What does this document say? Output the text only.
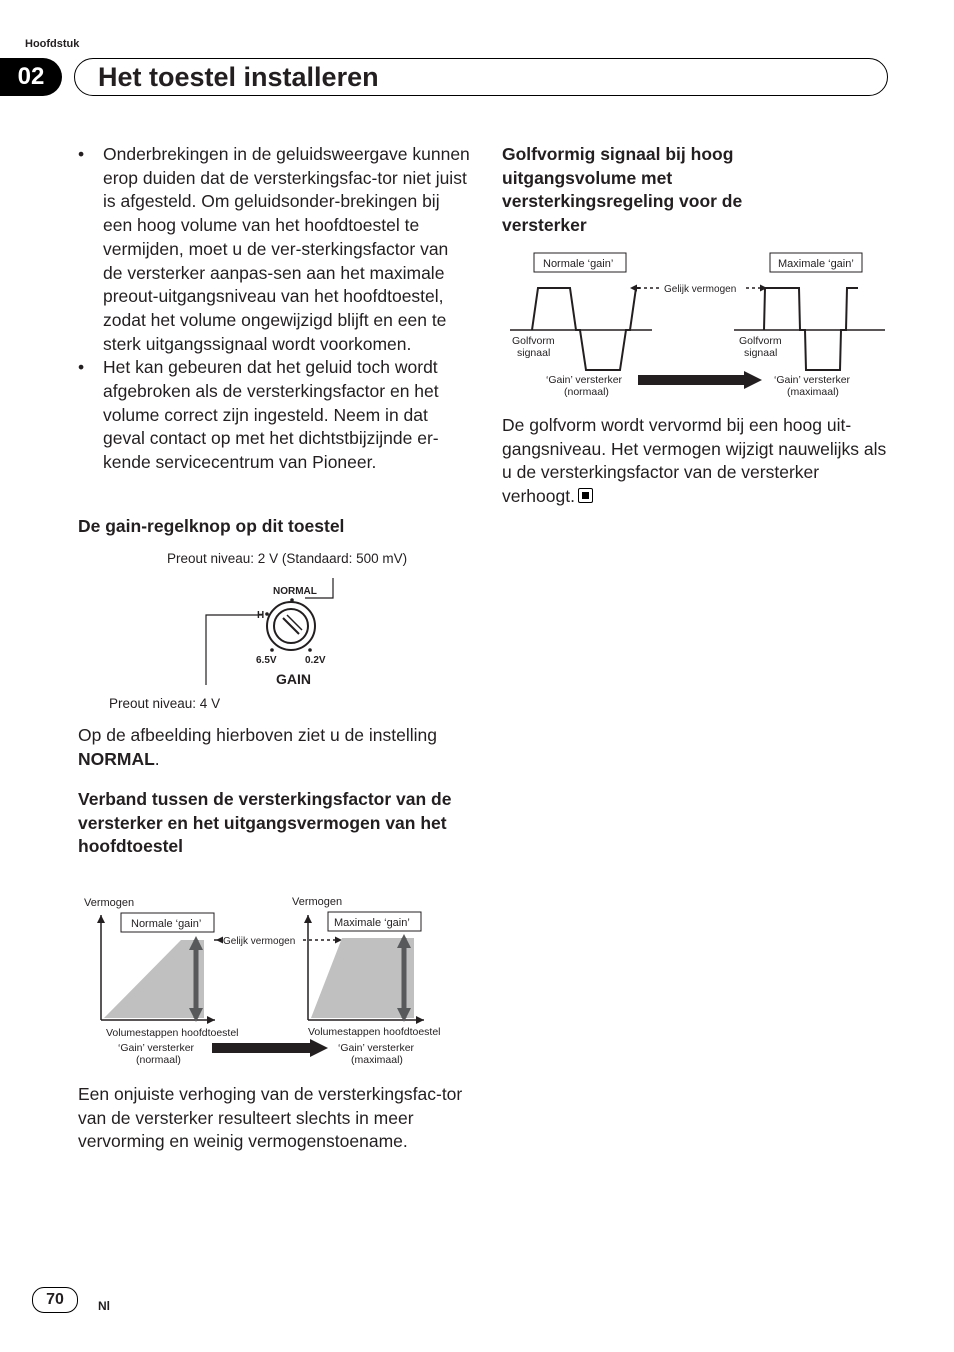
Hoofdstuk
02	Het toestel installeren
• Onderbrekingen in de geluidsweergave kunnen erop duiden dat de versterkingsfac-tor niet juist is afgesteld. Om geluidsonder-brekingen bij een hoog volume van het hoofdtoestel te vermijden, moet u de ver-sterkingsfactor van de versterker aanpas-sen aan het maximale preout-uitgangsniveau van het hoofdtoestel, zodat het volume ongewijzigd blijft en een te sterk uitgangssignaal wordt voorkomen.
• Het kan gebeuren dat het geluid toch wordt afgebroken als de versterkingsfactor en het volume correct zijn ingesteld. Neem in dat geval contact op met het dichtstbijzijnde er-kende servicecentrum van Pioneer.
De gain-regelknop op dit toestel
Preout niveau: 2 V (Standaard: 500 mV)
NORMAL
H
6.5V	0.2V
GAIN
Preout niveau: 4 V
Op de afbeelding hierboven ziet u de instelling NORMAL.
Verband tussen de versterkingsfactor van de versterker en het uitgangsvermogen van het hoofdtoestel
Vermogen
Normale ‘gain’
Volumestappen hoofdtoestel
‘Gain’ versterker
(normaal)
Gelijk vermogen
Vermogen
Maximale ‘gain’
Volumestappen hoofdtoestel
‘Gain’ versterker
(maximaal)
Een onjuiste verhoging van de versterkingsfac-tor van de versterker resulteert slechts in meer vervorming en weinig vermogenstoename.
Golfvormig signaal bij hoog uitgangsvolume met versterkingsregeling voor de versterker
Normale ‘gain’	Maximale ‘gain’
Golfvorm
signaal
Golfvorm
signaal
Gelijk vermogen
‘Gain’ versterker
(normaal)
‘Gain’ versterker
(maximaal)
De golfvorm wordt vervormd bij een hoog uit-gangsniveau. Het vermogen wijzigt nauwelijks als u de versterkingsfactor van de versterker verhoogt.
70	Nl
